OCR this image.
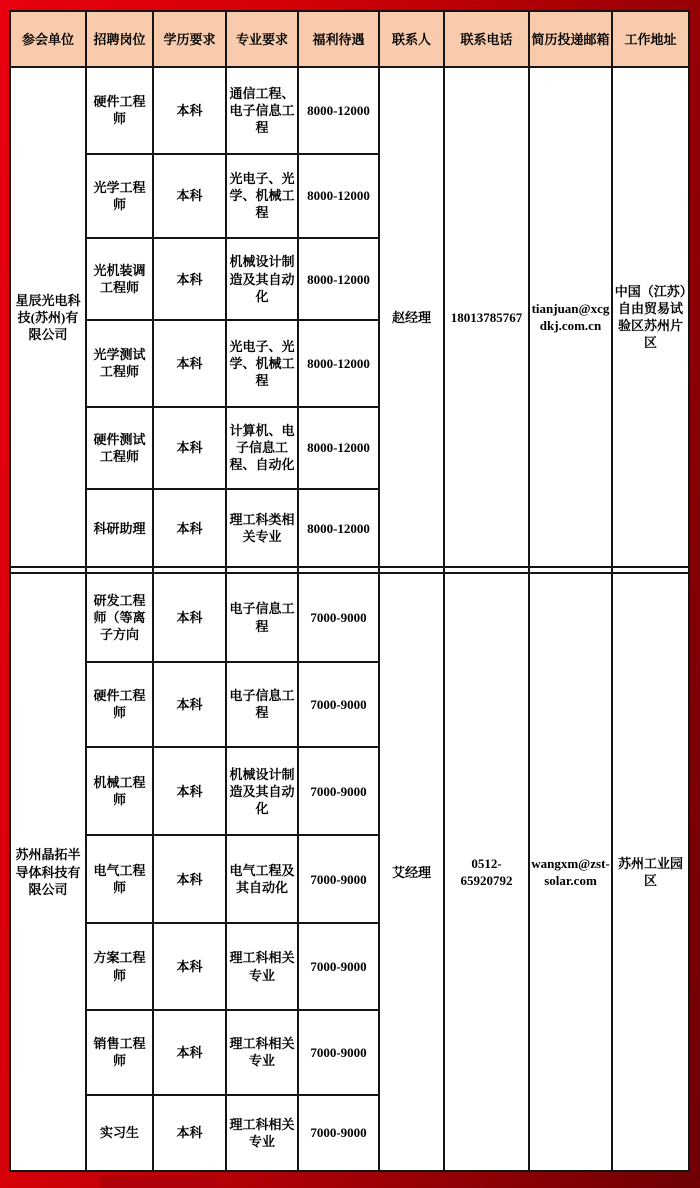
参会单位	招聘岗位	学历要求	专业要求	福利待遇	联系人	联系电话	简历投递邮箱	工作地址
星辰光电科技(苏州)有限公司	硬件工程师	本科	通信工程、电子信息工程	8000-12000	赵经理	18013785767	tianjuan@xcgdkj.com.cn	中国（江苏）自由贸易试验区苏州片区
	光学工程师	本科	光电子、光学、机械工程	8000-12000				
	光机装调工程师	本科	机械设计制造及其自动化	8000-12000				
	光学测试工程师	本科	光电子、光学、机械工程	8000-12000				
	硬件测试工程师	本科	计算机、电子信息工程、自动化	8000-12000				
	科研助理	本科	理工科类相关专业	8000-12000				

苏州晶拓半导体科技有限公司	研发工程师（等离子方向	本科	电子信息工程	7000-9000	艾经理	0512-65920792	wangxm@zst-solar.com	苏州工业园区
	硬件工程师	本科	电子信息工程	7000-9000				
	机械工程师	本科	机械设计制造及其自动化	7000-9000				
	电气工程师	本科	电气工程及其自动化	7000-9000				
	方案工程师	本科	理工科相关专业	7000-9000				
	销售工程师	本科	理工科相关专业	7000-9000				
	实习生	本科	理工科相关专业	7000-9000				
